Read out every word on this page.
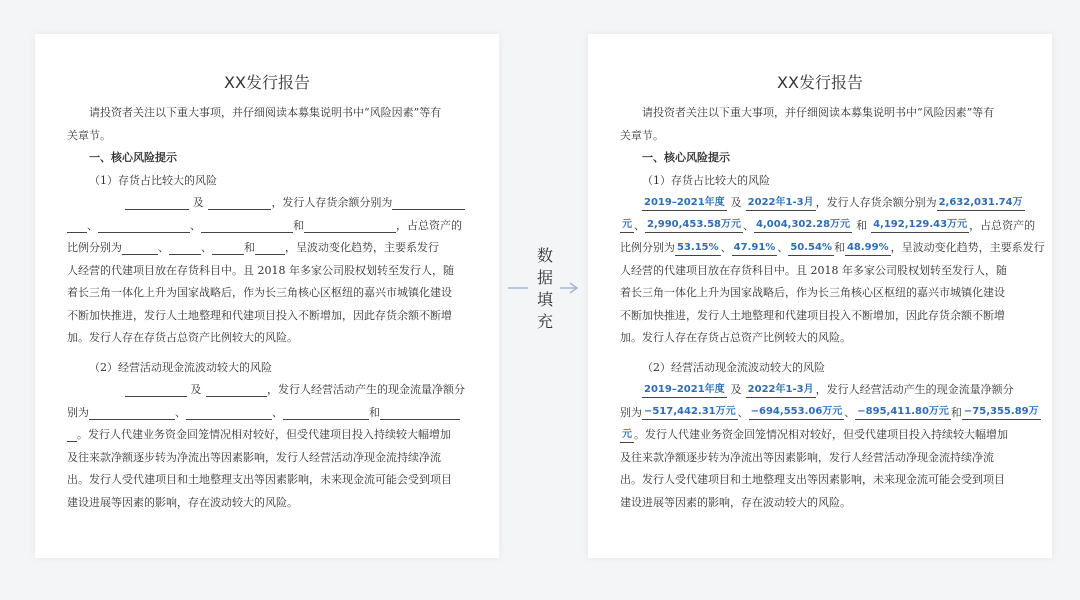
XX发行报告
请投资者关注以下重大事项，并仔细阅读本募集说明书中“风险因素”等有
关章节。
一、核心风险提示
（1）存货占比较大的风险
及	，发行人存货余额分别为
、	、	和	，占总资产的
比例分别为	、	、	和	，呈波动变化趋势，主要系发行
人经营的代建项目放在存货科目中。且 2018 年多家公司股权划转至发行人，随
着长三角一体化上升为国家战略后，作为长三角核心区枢纽的嘉兴市城镇化建设
不断加快推进，发行人土地整理和代建项目投入不断增加，因此存货余额不断增
加。发行人存在存货占总资产比例较大的风险。
（2）经营活动现金流波动较大的风险
及	，发行人经营活动产生的现金流量净额分
别为	、	、	和
。发行人代建业务资金回笼情况相对较好，但受代建项目投入持续较大幅增加
及往来款净额逐步转为净流出等因素影响，发行人经营活动净现金流持续净流
出。发行人受代建项目和土地整理支出等因素影响，未来现金流可能会受到项目
建设进展等因素的影响，存在波动较大的风险。
数
据
填
充
XX发行报告
请投资者关注以下重大事项，并仔细阅读本募集说明书中“风险因素”等有
关章节。
一、核心风险提示
（1）存货占比较大的风险
2019–2021年度 及 2022年1-3月 ，发行人存货余额分别为 2,632,031.74万
元 、 2,990,453.58万元 、 4,004,302.28万元 和 4,192,129.43万元 ，占总资产的
比例分别为 53.15% 、 47.91% 、 50.54% 和 48.99% ，呈波动变化趋势，主要系发行
人经营的代建项目放在存货科目中。且 2018 年多家公司股权划转至发行人，随
着长三角一体化上升为国家战略后，作为长三角核心区枢纽的嘉兴市城镇化建设
不断加快推进，发行人土地整理和代建项目投入不断增加，因此存货余额不断增
加。发行人存在存货占总资产比例较大的风险。
（2）经营活动现金流波动较大的风险
2019–2021年度 及 2022年1-3月 ，发行人经营活动产生的现金流量净额分
别为 −517,442.31万元 、 −694,553.06万元 、 −895,411.80万元 和 −75,355.89万
元 。发行人代建业务资金回笼情况相对较好，但受代建项目投入持续较大幅增加
及往来款净额逐步转为净流出等因素影响，发行人经营活动净现金流持续净流
出。发行人受代建项目和土地整理支出等因素影响，未来现金流可能会受到项目
建设进展等因素的影响，存在波动较大的风险。
